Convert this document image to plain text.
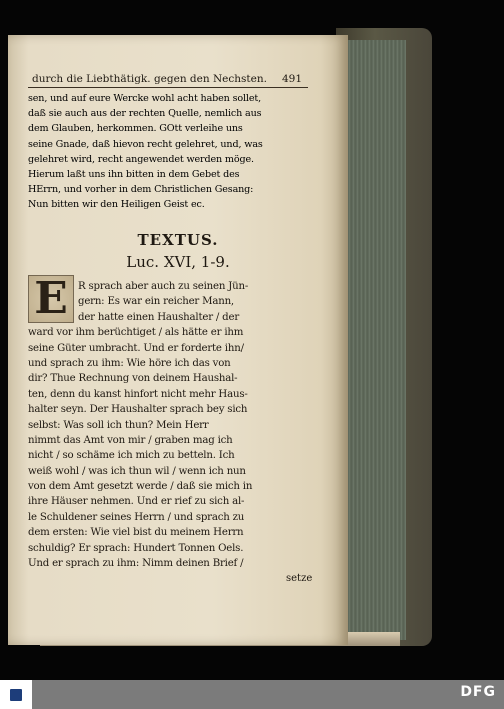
durch die Liebthätigk. gegen den Nechsten. 491
sen, und auf eure Wercke wohl acht haben sollet,
daß sie auch aus der rechten Quelle, nemlich aus
dem Glauben, herkommen. GOtt verleihe uns
seine Gnade, daß hievon recht gelehret, und, was
gelehret wird, recht angewendet werden möge.
Hierum laßt uns ihn bitten in dem Gebet des
HErrn, und vorher in dem Christlichen Gesang:
Nun bitten wir den Heiligen Geist ec.
TEXTUS.
Luc. XVI, 1-9.
E	R sprach aber auch zu seinen Jün-
gern: Es war ein reicher Mann,
der hatte einen Haushalter / der
ward vor ihm berüchtiget / als hätte er ihm
seine Güter umbracht. Und er forderte ihn/
und sprach zu ihm: Wie höre ich das von
dir? Thue Rechnung von deinem Haushal-
ten, denn du kanst hinfort nicht mehr Haus-
halter seyn. Der Haushalter sprach bey sich
selbst: Was soll ich thun? Mein Herr
nimmt das Amt von mir / graben mag ich
nicht / so schäme ich mich zu betteln. Ich
weiß wohl / was ich thun wil / wenn ich nun
von dem Amt gesetzt werde / daß sie mich in
ihre Häuser nehmen. Und er rief zu sich al-
le Schuldener seines Herrn / und sprach zu
dem ersten: Wie viel bist du meinem Herrn
schuldig? Er sprach: Hundert Tonnen Oels.
Und er sprach zu ihm: Nimm deinen Brief /
setze
DFG
